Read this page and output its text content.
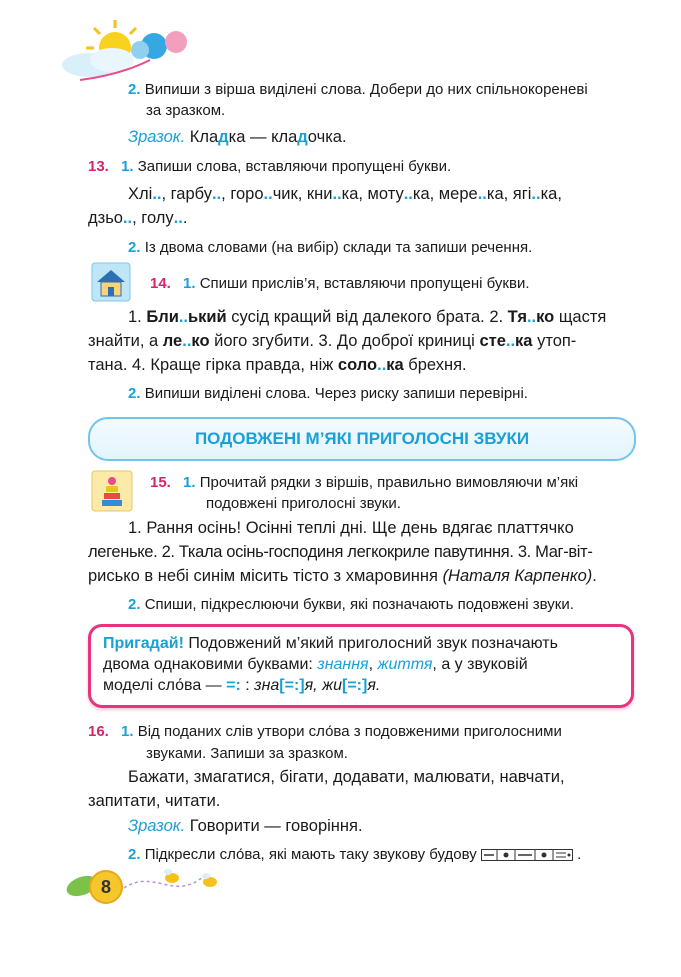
2. Випиши з вірша виділені слова. Добери до них спільнокореневі
за зразком.
Зразок. Кладка — кладочка.
13. 1. Запиши слова, вставляючи пропущені букви.
Хлі.., гарбу.., горо..чик, кни..ка, моту..ка, мере..ка, ягі..ка,
дзьо.., голу...
2. Із двома словами (на вибір) склади та запиши речення.
14. 1. Спиши прислів’я, вставляючи пропущені букви.
1. Бли..ький сусід кращий від далекого брата. 2. Тя..ко щастя
знайти, а ле..ко його згубити. 3. До доброї криниці сте..ка утоп-
тана. 4. Краще гірка правда, ніж соло..ка брехня.
2. Випиши виділені слова. Через риску запиши перевірні.
ПОДОВЖЕНІ М’ЯКІ ПРИГОЛОСНІ ЗВУКИ
15. 1. Прочитай рядки з віршів, правильно вимовляючи м’які
подовжені приголосні звуки.
1. Рання осінь! Осінні теплі дні. Ще день вдягає платтячко
легеньке. 2. Ткала осінь-господиня легкокриле павутиння. 3. Маг-віт-
рисько в небі синім місить тісто з хмаровиння (Наталя Карпенко).
2. Спиши, підкреслюючи букви, які позначають подовжені звуки.
Пригадай! Подовжений м’який приголосний звук позначають
двома однаковими буквами: знання, життя, а у звуковій
моделі сло́ва — =: : зна[=:]я, жи[=:]я.
16. 1. Від поданих слів утвори сло́ва з подовженими приголосними
звуками. Запиши за зразком.
Бажати, змагатися, бігати, додавати, малювати, навчати,
запитати, читати.
Зразок. Говорити — говоріння.
2. Підкресли сло́ва, які мають таку звукову будову	.
8
